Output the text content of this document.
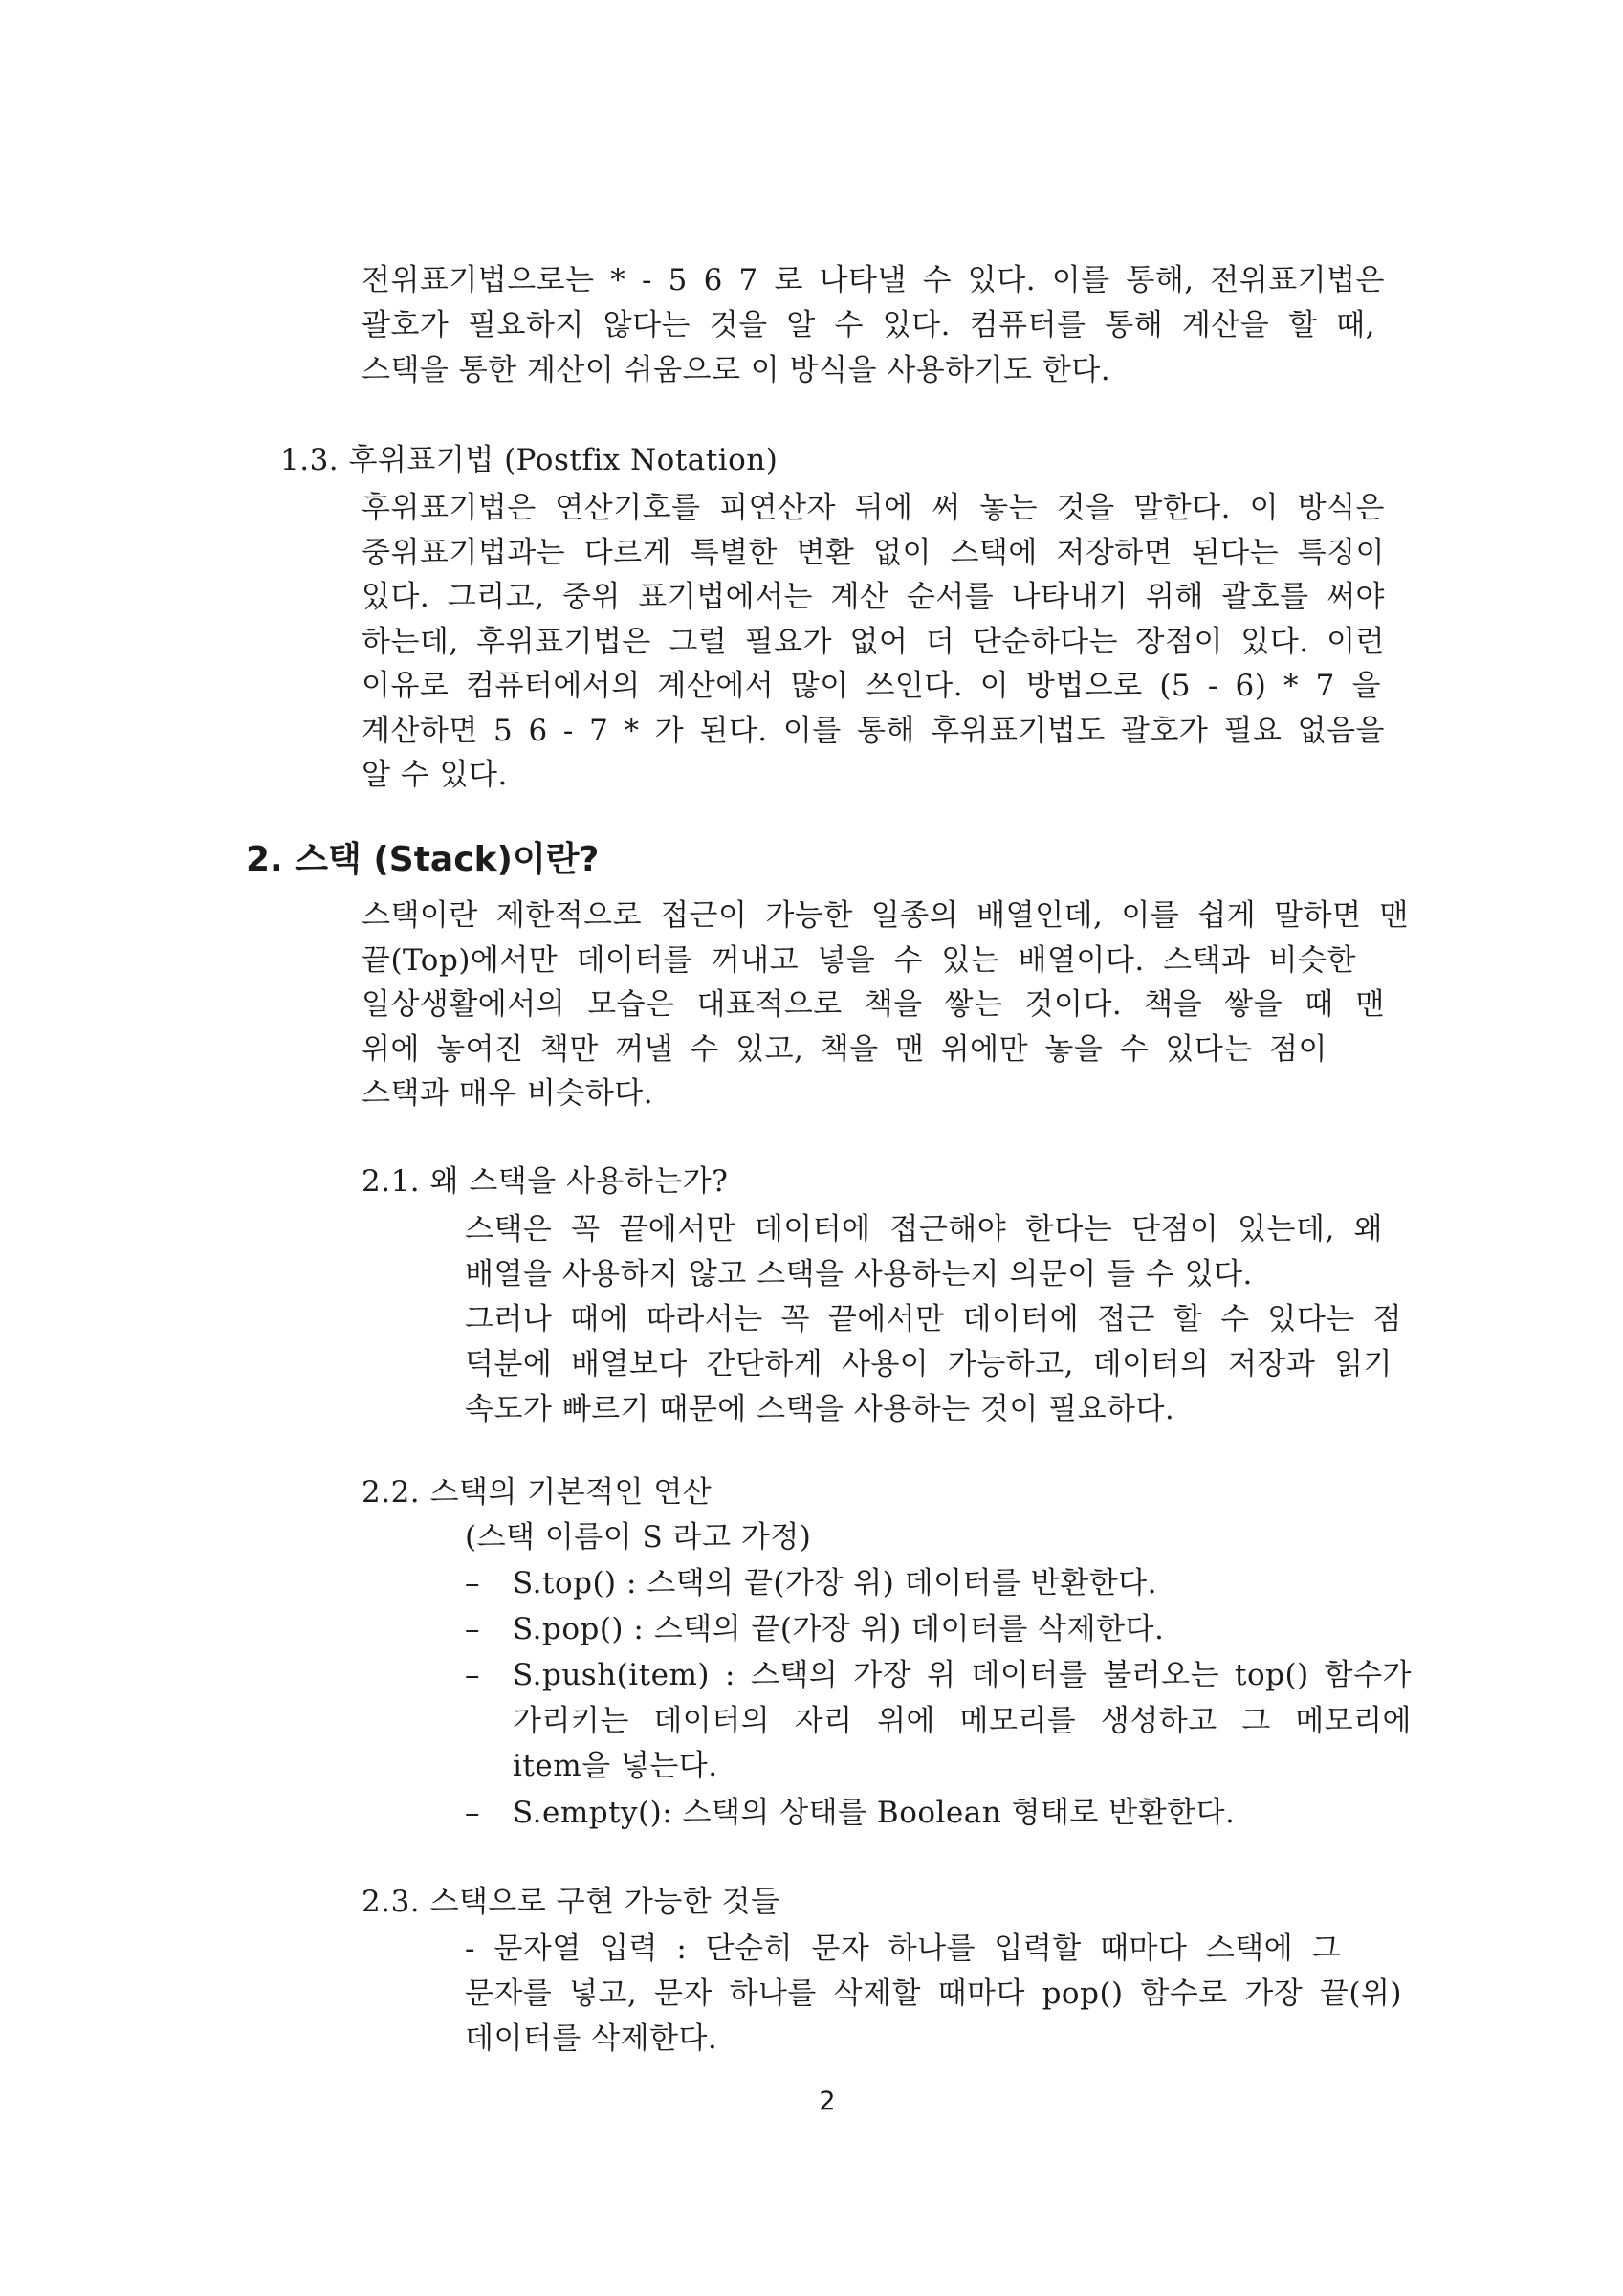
전위표기법으로는 * - 5 6 7 로 나타낼 수 있다. 이를 통해, 전위표기법은
괄호가 필요하지 않다는 것을 알 수 있다. 컴퓨터를 통해 계산을 할 때,
스택을 통한 계산이 쉬움으로 이 방식을 사용하기도 한다.
1.3. 후위표기법 (Postfix Notation)
후위표기법은 연산기호를 피연산자 뒤에 써 놓는 것을 말한다. 이 방식은
중위표기법과는 다르게 특별한 변환 없이 스택에 저장하면 된다는 특징이
있다. 그리고, 중위 표기법에서는 계산 순서를 나타내기 위해 괄호를 써야
하는데, 후위표기법은 그럴 필요가 없어 더 단순하다는 장점이 있다. 이런
이유로 컴퓨터에서의 계산에서 많이 쓰인다. 이 방법으로 (5 - 6) * 7 을
계산하면 5 6 - 7 * 가 된다. 이를 통해 후위표기법도 괄호가 필요 없음을
알 수 있다.
2. 스택 (Stack)이란?
스택이란 제한적으로 접근이 가능한 일종의 배열인데, 이를 쉽게 말하면 맨
끝(Top)에서만 데이터를 꺼내고 넣을 수 있는 배열이다. 스택과 비슷한
일상생활에서의 모습은 대표적으로 책을 쌓는 것이다. 책을 쌓을 때 맨
위에 놓여진 책만 꺼낼 수 있고, 책을 맨 위에만 놓을 수 있다는 점이
스택과 매우 비슷하다.
2.1. 왜 스택을 사용하는가?
스택은 꼭 끝에서만 데이터에 접근해야 한다는 단점이 있는데, 왜
배열을 사용하지 않고 스택을 사용하는지 의문이 들 수 있다.
그러나 때에 따라서는 꼭 끝에서만 데이터에 접근 할 수 있다는 점
덕분에 배열보다 간단하게 사용이 가능하고, 데이터의 저장과 읽기
속도가 빠르기 때문에 스택을 사용하는 것이 필요하다.
2.2. 스택의 기본적인 연산
(스택 이름이 S 라고 가정)
– S.top() : 스택의 끝(가장 위) 데이터를 반환한다.
– S.pop() : 스택의 끝(가장 위) 데이터를 삭제한다.
– S.push(item) : 스택의 가장 위 데이터를 불러오는 top() 함수가
가리키는 데이터의 자리 위에 메모리를 생성하고 그 메모리에
item을 넣는다.
– S.empty(): 스택의 상태를 Boolean 형태로 반환한다.
2.3. 스택으로 구현 가능한 것들
- 문자열 입력 : 단순히 문자 하나를 입력할 때마다 스택에 그
문자를 넣고, 문자 하나를 삭제할 때마다 pop() 함수로 가장 끝(위)
데이터를 삭제한다.
2
